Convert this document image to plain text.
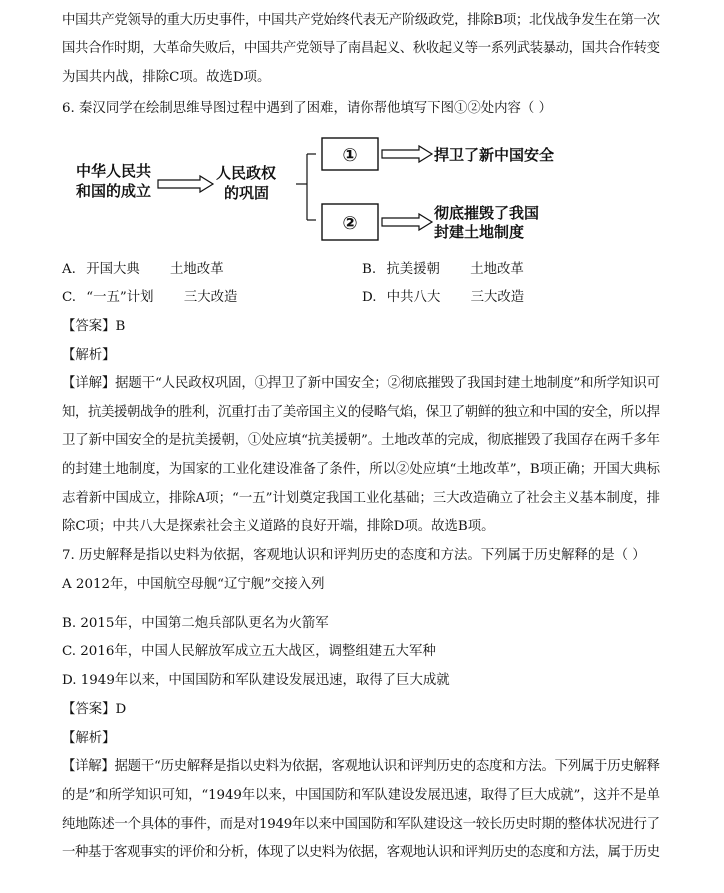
中国共产党领导的重大历史事件，中国共产党始终代表无产阶级政党，排除B项；北伐战争发生在第一次
国共合作时期，大革命失败后，中国共产党领导了南昌起义、秋收起义等一系列武装暴动，国共合作转变
为国共内战，排除C项。故选D项。
6. 秦汉同学在绘制思维导图过程中遇到了困难，请你帮他填写下图①②处内容（ ）
中华人民共
和国的成立
人民政权
的巩固
①
②
捍卫了新中国安全
彻底摧毁了我国
封建土地制度
A. 开国大典 土地改革	B. 抗美援朝 土地改革
C. “一五”计划 三大改造	D. 中共八大 三大改造
【答案】B
【解析】
【详解】据题干“人民政权巩固，①捍卫了新中国安全；②彻底摧毁了我国封建土地制度”和所学知识可
知，抗美援朝战争的胜利，沉重打击了美帝国主义的侵略气焰，保卫了朝鲜的独立和中国的安全，所以捍
卫了新中国安全的是抗美援朝，①处应填“抗美援朝”。土地改革的完成，彻底摧毁了我国存在两千多年
的封建土地制度，为国家的工业化建设准备了条件，所以②处应填“土地改革”，B项正确；开国大典标
志着新中国成立，排除A项；“一五”计划奠定我国工业化基础；三大改造确立了社会主义基本制度，排
除C项；中共八大是探索社会主义道路的良好开端，排除D项。故选B项。
7. 历史解释是指以史料为依据，客观地认识和评判历史的态度和方法。下列属于历史解释的是（ ）
A 2012年，中国航空母舰“辽宁舰”交接入列
B. 2015年，中国第二炮兵部队更名为火箭军
C. 2016年，中国人民解放军成立五大战区，调整组建五大军种
D. 1949年以来，中国国防和军队建设发展迅速，取得了巨大成就
【答案】D
【解析】
【详解】据题干“历史解释是指以史料为依据，客观地认识和评判历史的态度和方法。下列属于历史解释
的是”和所学知识可知，“1949年以来，中国国防和军队建设发展迅速，取得了巨大成就”，这并不是单
纯地陈述一个具体的事件，而是对1949年以来中国国防和军队建设这一较长历史时期的整体状况进行了
一种基于客观事实的评价和分析，体现了以史料为依据，客观地认识和评判历史的态度和方法，属于历史
